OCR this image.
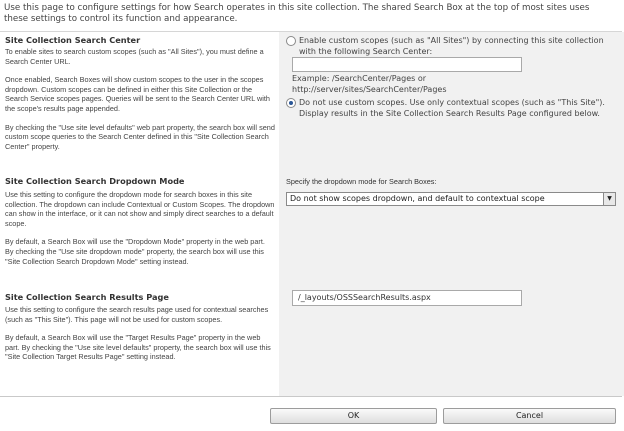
Use this page to configure settings for how Search operates in this site collection. The shared Search Box at the top of most sites uses these settings to control its function and appearance.
Site Collection Search Center

To enable sites to search custom scopes (such as "All Sites"), you must define a Search Center URL.

Once enabled, Search Boxes will show custom scopes to the user in the scopes dropdown. Custom scopes can be defined in either this Site Collection or the Search Service scopes pages. Queries will be sent to the Search Center URL with the scope's results page appended.

By checking the "Use site level defaults" web part property, the search box will send custom scope queries to the Search Center defined in this "Site Collection Search Center" property.

Enable custom scopes (such as "All Sites") by connecting this site collection with the following Search Center:
Example: /SearchCenter/Pages or http://server/sites/SearchCenter/Pages
Do not use custom scopes. Use only contextual scopes (such as "This Site"). Display results in the Site Collection Search Results Page configured below.
Site Collection Search Dropdown Mode

Use this setting to configure the dropdown mode for search boxes in this site collection. The dropdown can include Contextual or Custom Scopes. The dropdown can show in the interface, or it can not show and simply direct searches to a default scope.

By default, a Search Box will use the "Dropdown Mode" property in the web part. By checking the "Use site dropdown mode" property, the search box will use this "Site Collection Search Dropdown Mode" setting instead.

Specify the dropdown mode for Search Boxes:
Do not show scopes dropdown, and default to contextual scope	▼
Site Collection Search Results Page

Use this setting to configure the search results page used for contextual searches (such as "This Site"). This page will not be used for custom scopes.

By default, a Search Box will use the "Target Results Page" property in the web part. By checking the "Use site level defaults" property, the search box will use this "Site Collection Target Results Page" setting instead.

/_layouts/OSSSearchResults.aspx
OK	Cancel
